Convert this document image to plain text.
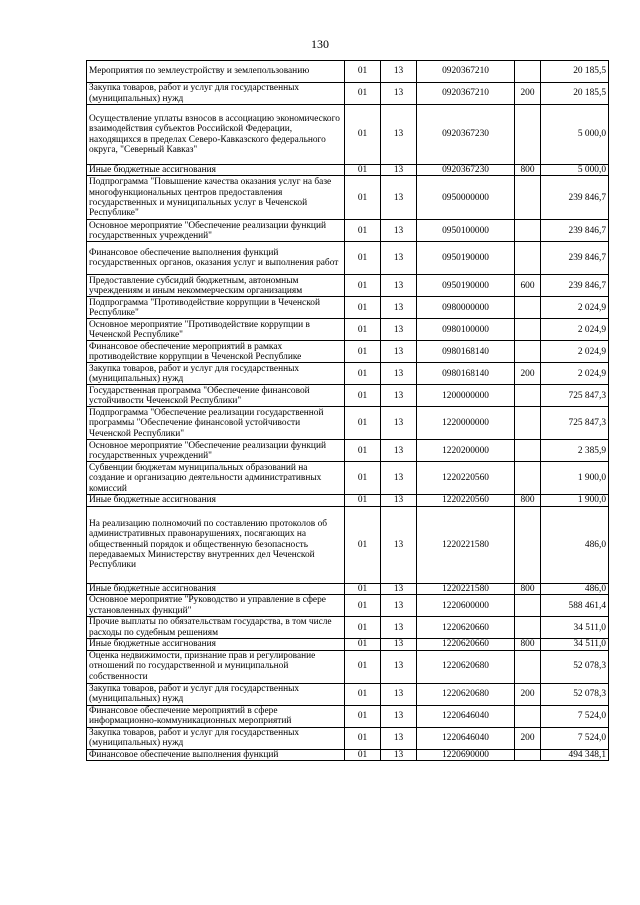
130
Мероприятия по землеустройству и землепользованию	01	13	0920367210		20 185,5
Закупка товаров, работ и услуг для государственных (муниципальных) нужд	01	13	0920367210	200	20 185,5
Осуществление уплаты взносов в ассоциацию экономического взаимодействия субъектов Российской Федерации, находящихся в пределах Северо-Кавказского федерального округа, "Северный Кавказ"	01	13	0920367230		5 000,0
Иные бюджетные ассигнования	01	13	0920367230	800	5 000,0
Подпрограмма "Повышение качества оказания услуг на базе многофункциональных центров предоставления государственных и муниципальных услуг в Чеченской Республике"	01	13	0950000000		239 846,7
Основное мероприятие "Обеспечение реализации функций государственных учреждений"	01	13	0950100000		239 846,7
Финансовое обеспечение выполнения функций государственных органов, оказания услуг и выполнения работ	01	13	0950190000		239 846,7
Предоставление субсидий бюджетным, автономным учреждениям и иным некоммерческим организациям	01	13	0950190000	600	239 846,7
Подпрограмма "Противодействие коррупции в Чеченской Республике"	01	13	0980000000		2 024,9
Основное мероприятие "Противодействие коррупции в Чеченской Республике"	01	13	0980100000		2 024,9
Финансовое обеспечение мероприятий в рамках противодействие коррупции в Чеченской Республике	01	13	0980168140		2 024,9
Закупка товаров, работ и услуг для государственных (муниципальных) нужд	01	13	0980168140	200	2 024,9
Государственная программа "Обеспечение финансовой устойчивости Чеченской Республики"	01	13	1200000000		725 847,3
Подпрограмма "Обеспечение реализации государственной программы "Обеспечение финансовой устойчивости Чеченской Республики"	01	13	1220000000		725 847,3
Основное мероприятие "Обеспечение реализации функций государственных учреждений"	01	13	1220200000		2 385,9
Субвенции бюджетам муниципальных образований на создание и организацию деятельности административных комиссий	01	13	1220220560		1 900,0
Иные бюджетные ассигнования	01	13	1220220560	800	1 900,0
На реализацию полномочий по составлению протоколов об административных правонарушениях, посягающих на общественный порядок и общественную безопасность передаваемых Министерству внутренних дел Чеченской Республики	01	13	1220221580		486,0
Иные бюджетные ассигнования	01	13	1220221580	800	486,0
Основное мероприятие "Руководство и управление в сфере установленных функций"	01	13	1220600000		588 461,4
Прочие выплаты по обязательствам государства, в том числе расходы по судебным решениям	01	13	1220620660		34 511,0
Иные бюджетные ассигнования	01	13	1220620660	800	34 511,0
Оценка недвижимости, признание прав и регулирование отношений по государственной и муниципальной собственности	01	13	1220620680		52 078,3
Закупка товаров, работ и услуг для государственных (муниципальных) нужд	01	13	1220620680	200	52 078,3
Финансовое обеспечение мероприятий в сфере информационно-коммуникационных мероприятий	01	13	1220646040		7 524,0
Закупка товаров, работ и услуг для государственных (муниципальных) нужд	01	13	1220646040	200	7 524,0
Финансовое обеспечение выполнения функций	01	13	1220690000		494 348,1
